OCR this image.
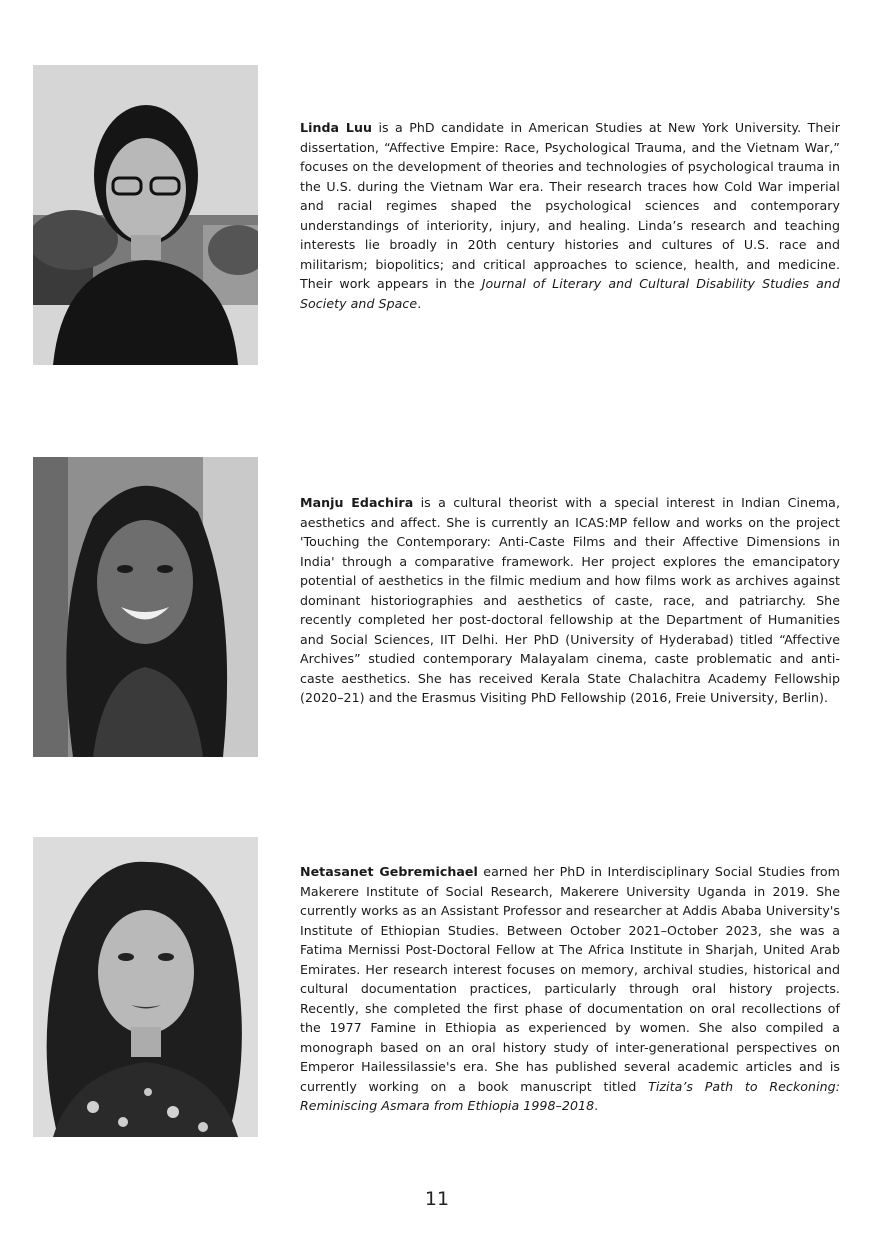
Linda Luu is a PhD candidate in American Studies at New York University. Their dissertation, “Affective Empire: Race, Psychological Trauma, and the Vietnam War,” focuses on the development of theories and technologies of psychological trauma in the U.S. during the Vietnam War era. Their research traces how Cold War imperial and racial regimes shaped the psychological sciences and contemporary understandings of interiority, injury, and healing. Linda’s research and teaching interests lie broadly in 20th century histories and cultures of U.S. race and militarism; biopolitics; and critical approaches to science, health, and medicine. Their work appears in the Journal of Literary and Cultural Disability Studies and Society and Space.

Manju Edachira is a cultural theorist with a special interest in Indian Cinema, aesthetics and affect. She is currently an ICAS:MP fellow and works on the project 'Touching the Contemporary: Anti-Caste Films and their Affective Dimensions in India' through a comparative framework. Her project explores the emancipatory potential of aesthetics in the filmic medium and how films work as archives against dominant historiographies and aesthetics of caste, race, and patriarchy. She recently completed her post-doctoral fellowship at the Department of Humanities and Social Sciences, IIT Delhi. Her PhD (University of Hyderabad) titled “Affective Archives” studied contemporary Malayalam cinema, caste problematic and anti-caste aesthetics. She has received Kerala State Chalachitra Academy Fellowship (2020–21) and the Erasmus Visiting PhD Fellowship (2016, Freie University, Berlin).

Netasanet Gebremichael earned her PhD in Interdisciplinary Social Studies from Makerere Institute of Social Research, Makerere University Uganda in 2019. She currently works as an Assistant Professor and researcher at Addis Ababa University's Institute of Ethiopian Studies. Between October 2021–October 2023, she was a Fatima Mernissi Post-Doctoral Fellow at The Africa Institute in Sharjah, United Arab Emirates. Her research interest focuses on memory, archival studies, historical and cultural documentation practices, particularly through oral history projects. Recently, she completed the first phase of documentation on oral recollections of the 1977 Famine in Ethiopia as experienced by women. She also compiled a monograph based on an oral history study of inter-generational perspectives on Emperor Hailessilassie's era. She has published several academic articles and is currently working on a book manuscript titled Tizita’s Path to Reckoning: Reminiscing Asmara from Ethiopia 1998–2018.

11
